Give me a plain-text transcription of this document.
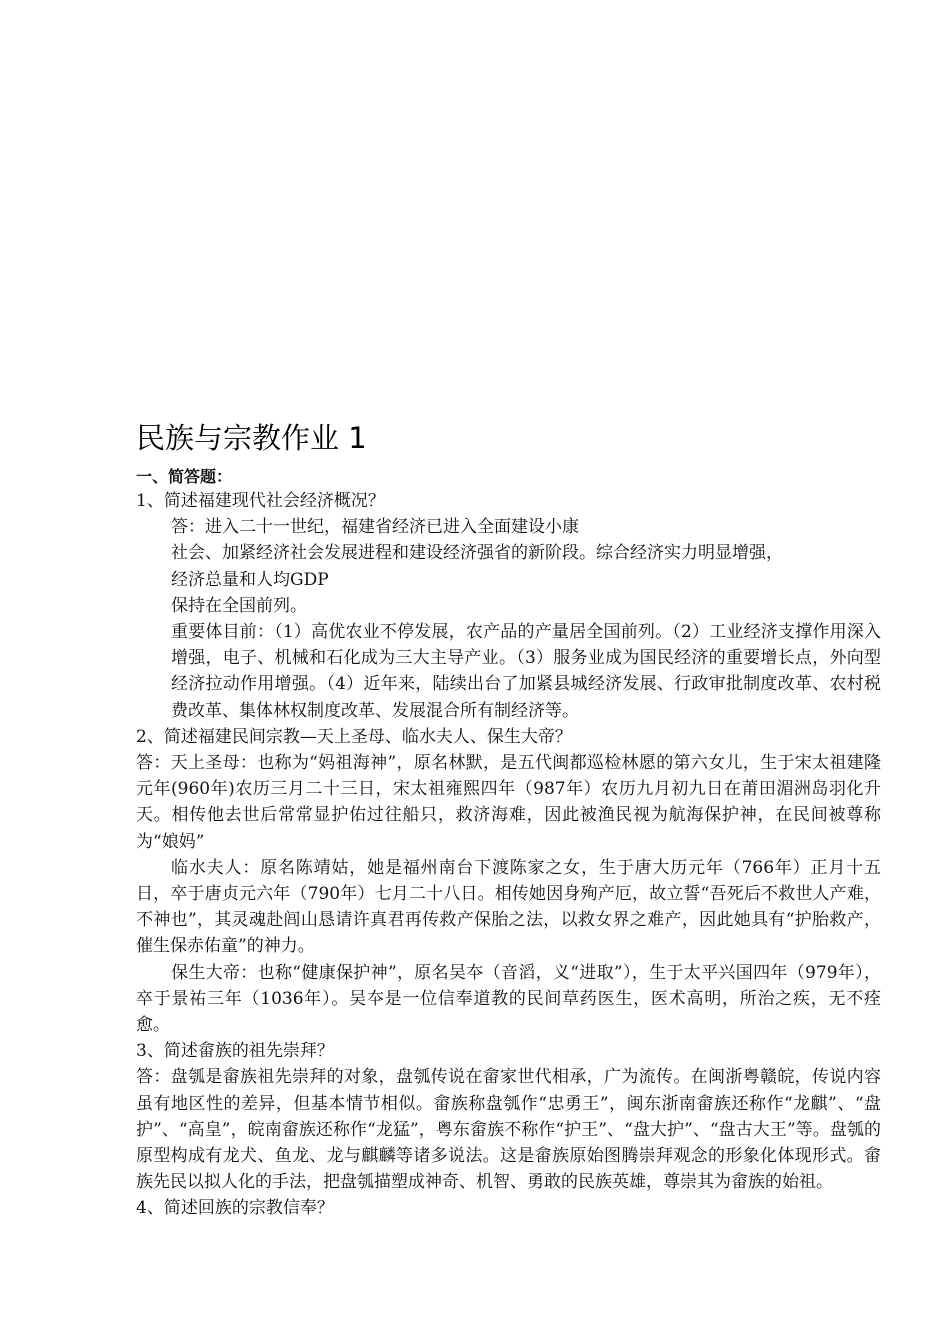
民族与宗教作业 1
一、简答题：

1、简述福建现代社会经济概况？

答：进入二十一世纪，福建省经济已进入全面建设小康

社会、加紧经济社会发展进程和建设经济强省的新阶段。综合经济实力明显增强，

经济总量和人均GDP

保持在全国前列。

重要体目前：（1）高优农业不停发展，农产品的产量居全国前列。（2）工业经济支撑作用深入增强，电子、机械和石化成为三大主导产业。（3）服务业成为国民经济的重要增长点，外向型经济拉动作用增强。（4）近年来，陆续出台了加紧县城经济发展、行政审批制度改革、农村税费改革、集体林权制度改革、发展混合所有制经济等。

2、简述福建民间宗教—天上圣母、临水夫人、保生大帝？

答：天上圣母：也称为“妈祖海神”，原名林默，是五代闽都巡检林愿的第六女儿，生于宋太祖建隆元年(960年)农历三月二十三日，宋太祖雍熙四年（987年）农历九月初九日在莆田湄洲岛羽化升天。相传他去世后常常显护佑过往船只，救济海难，因此被渔民视为航海保护神，在民间被尊称为“娘妈”

临水夫人：原名陈靖姑，她是福州南台下渡陈家之女，生于唐大历元年（766年）正月十五日，卒于唐贞元六年（790年）七月二十八日。相传她因身殉产厄，故立誓“吾死后不救世人产难，不神也”，其灵魂赴闾山恳请许真君再传救产保胎之法，以救女界之难产，因此她具有“护胎救产，催生保赤佑童”的神力。

保生大帝：也称“健康保护神”，原名吴夲（音滔，义“进取”），生于太平兴国四年（979年），卒于景祐三年（1036年）。吴夲是一位信奉道教的民间草药医生，医术高明，所治之疾，无不痊愈。

3、简述畲族的祖先崇拜？

答：盘瓠是畲族祖先崇拜的对象，盘瓠传说在畲家世代相承，广为流传。在闽浙粤赣皖，传说内容虽有地区性的差异，但基本情节相似。畲族称盘瓠作“忠勇王”，闽东浙南畲族还称作“龙麒”、“盘护”、“高皇”，皖南畲族还称作“龙猛”，粤东畲族不称作“护王”、“盘大护”、“盘古大王”等。盘瓠的原型构成有龙犬、鱼龙、龙与麒麟等诸多说法。这是畲族原始图腾崇拜观念的形象化体现形式。畲族先民以拟人化的手法，把盘瓠描塑成神奇、机智、勇敢的民族英雄，尊崇其为畲族的始祖。

4、简述回族的宗教信奉？
